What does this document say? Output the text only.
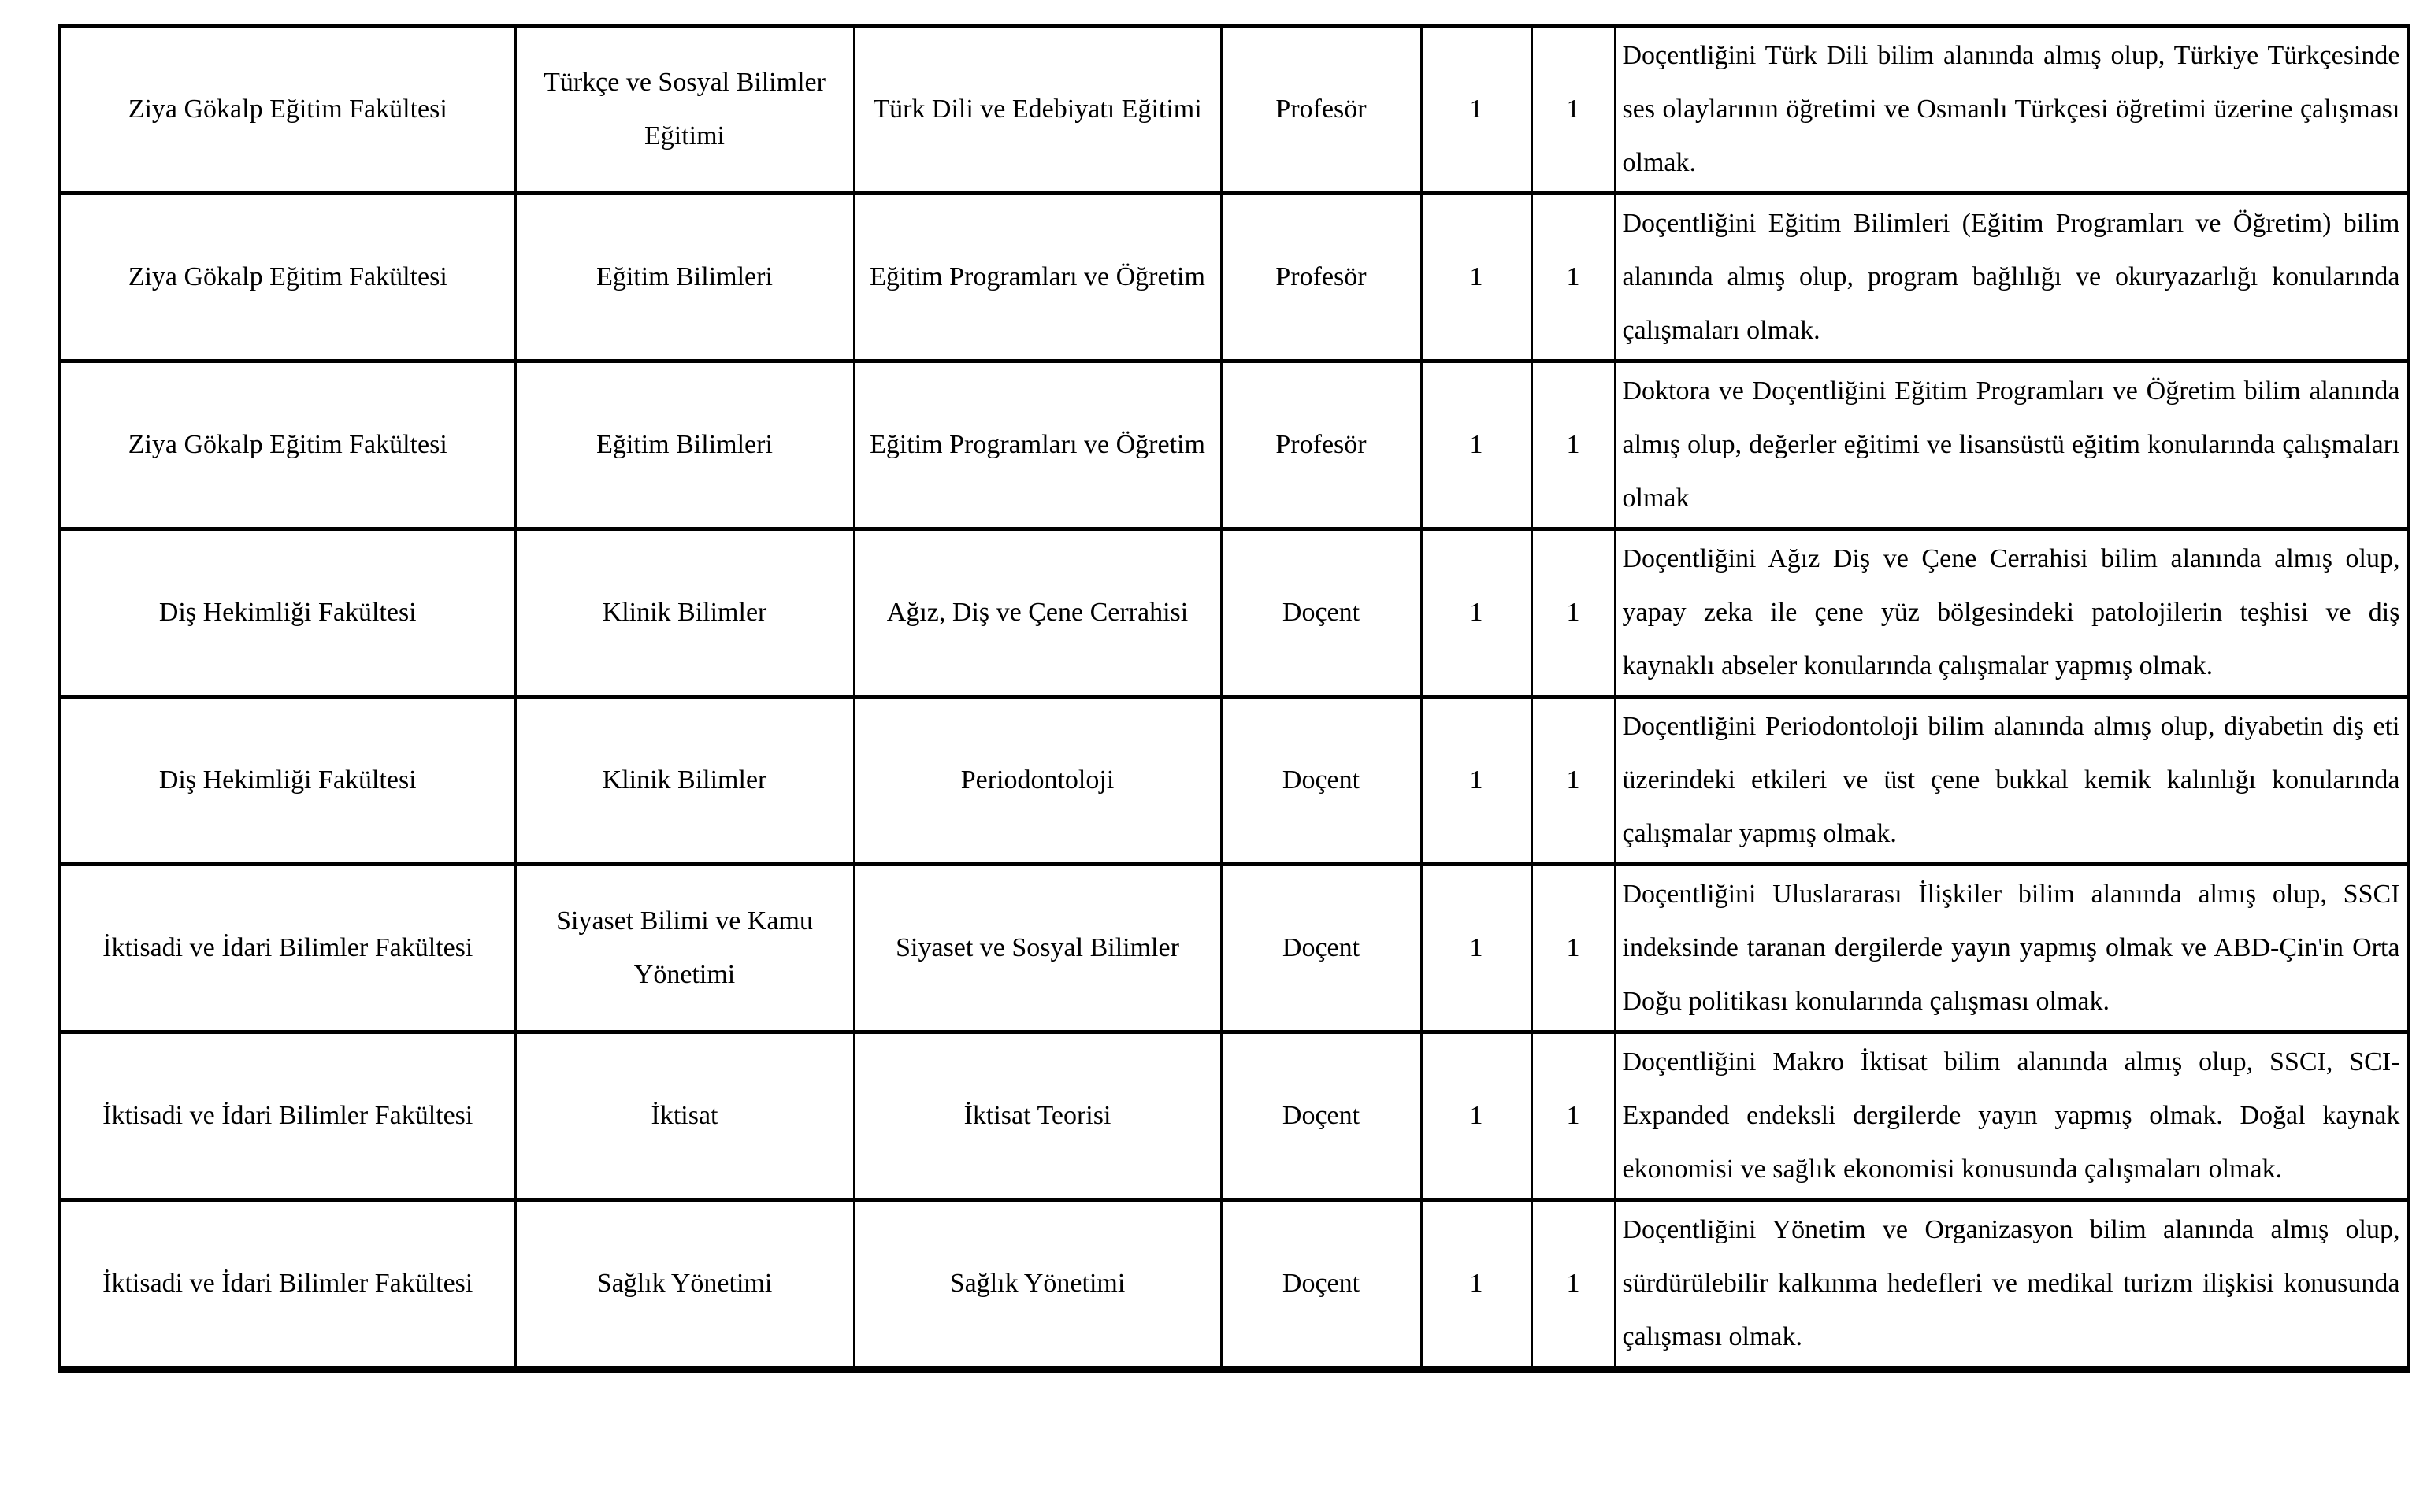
Ziya Gökalp Eğitim Fakültesi	Türkçe ve Sosyal Bilimler Eğitimi	Türk Dili ve Edebiyatı Eğitimi	Profesör	1	1	Doçentliğini Türk Dili bilim alanında almış olup, Türkiye Türkçesinde ses olaylarının öğretimi ve Osmanlı Türkçesi öğretimi üzerine çalışması olmak.
Ziya Gökalp Eğitim Fakültesi	Eğitim Bilimleri	Eğitim Programları ve Öğretim	Profesör	1	1	Doçentliğini Eğitim Bilimleri (Eğitim Programları ve Öğretim) bilim alanında almış olup, program bağlılığı ve okuryazarlığı konularında çalışmaları olmak.
Ziya Gökalp Eğitim Fakültesi	Eğitim Bilimleri	Eğitim Programları ve Öğretim	Profesör	1	1	Doktora ve Doçentliğini Eğitim Programları ve Öğretim bilim alanında almış olup, değerler eğitimi ve lisansüstü eğitim konularında çalışmaları olmak
Diş Hekimliği Fakültesi	Klinik Bilimler	Ağız, Diş ve Çene Cerrahisi	Doçent	1	1	Doçentliğini Ağız Diş ve Çene Cerrahisi bilim alanında almış olup, yapay zeka ile çene yüz bölgesindeki patolojilerin teşhisi ve diş kaynaklı abseler konularında çalışmalar yapmış olmak.
Diş Hekimliği Fakültesi	Klinik Bilimler	Periodontoloji	Doçent	1	1	Doçentliğini Periodontoloji bilim alanında almış olup, diyabetin diş eti üzerindeki etkileri ve üst çene bukkal kemik kalınlığı konularında çalışmalar yapmış olmak.
İktisadi ve İdari Bilimler Fakültesi	Siyaset Bilimi ve Kamu Yönetimi	Siyaset ve Sosyal Bilimler	Doçent	1	1	Doçentliğini Uluslararası İlişkiler bilim alanında almış olup, SSCI indeksinde taranan dergilerde yayın yapmış olmak ve ABD-Çin'in Orta Doğu politikası konularında çalışması olmak.
İktisadi ve İdari Bilimler Fakültesi	İktisat	İktisat Teorisi	Doçent	1	1	Doçentliğini Makro İktisat bilim alanında almış olup, SSCI, SCI-Expanded endeksli dergilerde yayın yapmış olmak. Doğal kaynak ekonomisi ve sağlık ekonomisi konusunda çalışmaları olmak.
İktisadi ve İdari Bilimler Fakültesi	Sağlık Yönetimi	Sağlık Yönetimi	Doçent	1	1	Doçentliğini Yönetim ve Organizasyon bilim alanında almış olup, sürdürülebilir kalkınma hedefleri ve medikal turizm ilişkisi konusunda çalışması olmak.
